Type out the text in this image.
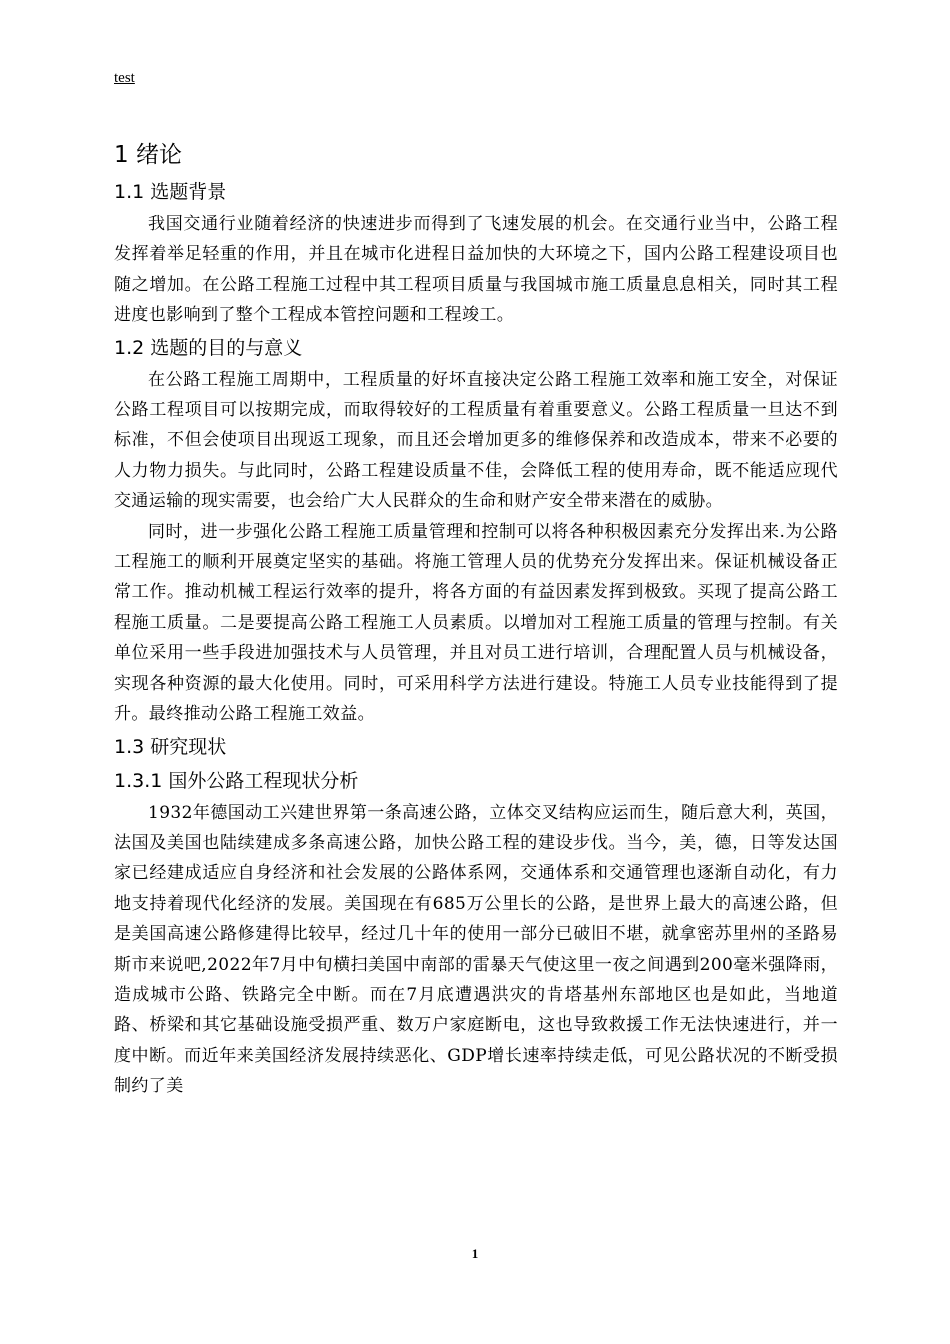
test
1 绪论
1.1 选题背景

我国交通行业随着经济的快速进步而得到了飞速发展的机会。在交通行业当中，公路工程发挥着举足轻重的作用，并且在城市化进程日益加快的大环境之下，国内公路工程建设项目也随之增加。在公路工程施工过程中其工程项目质量与我国城市施工质量息息相关，同时其工程进度也影响到了整个工程成本管控问题和工程竣工。

1.2 选题的目的与意义

在公路工程施工周期中，工程质量的好坏直接决定公路工程施工效率和施工安全，对保证公路工程项目可以按期完成，而取得较好的工程质量有着重要意义。公路工程质量一旦达不到标准，不但会使项目出现返工现象，而且还会增加更多的维修保养和改造成本，带来不必要的人力物力损失。与此同时，公路工程建设质量不佳，会降低工程的使用寿命，既不能适应现代交通运输的现实需要，也会给广大人民群众的生命和财产安全带来潜在的威胁。

同时，进一步强化公路工程施工质量管理和控制可以将各种积极因素充分发挥出来.为公路工程施工的顺利开展奠定坚实的基础。将施工管理人员的优势充分发挥出来。保证机械设备正常工作。推动机械工程运行效率的提升，将各方面的有益因素发挥到极致。买现了提高公路工程施工质量。二是要提高公路工程施工人员素质。以增加对工程施工质量的管理与控制。有关单位采用一些手段进加强技术与人员管理，并且对员工进行培训，合理配置人员与机械设备，实现各种资源的最大化使用。同时，可采用科学方法进行建设。特施工人员专业技能得到了提升。最终推动公路工程施工效益。

1.3 研究现状
1.3.1 国外公路工程现状分析

1932年德国动工兴建世界第一条高速公路，立体交叉结构应运而生，随后意大利，英国，法国及美国也陆续建成多条高速公路，加快公路工程的建设步伐。当今，美，德，日等发达国家已经建成适应自身经济和社会发展的公路体系网，交通体系和交通管理也逐渐自动化，有力地支持着现代化经济的发展。美国现在有685万公里长的公路，是世界上最大的高速公路，但是美国高速公路修建得比较早，经过几十年的使用一部分已破旧不堪，就拿密苏里州的圣路易斯市来说吧,2022年7月中旬横扫美国中南部的雷暴天气使这里一夜之间遇到200毫米强降雨，造成城市公路、铁路完全中断。而在7月底遭遇洪灾的肯塔基州东部地区也是如此，当地道路、桥梁和其它基础设施受损严重、数万户家庭断电，这也导致救援工作无法快速进行，并一度中断。而近年来美国经济发展持续恶化、GDP增长速率持续走低，可见公路状况的不断受损制约了美

1
